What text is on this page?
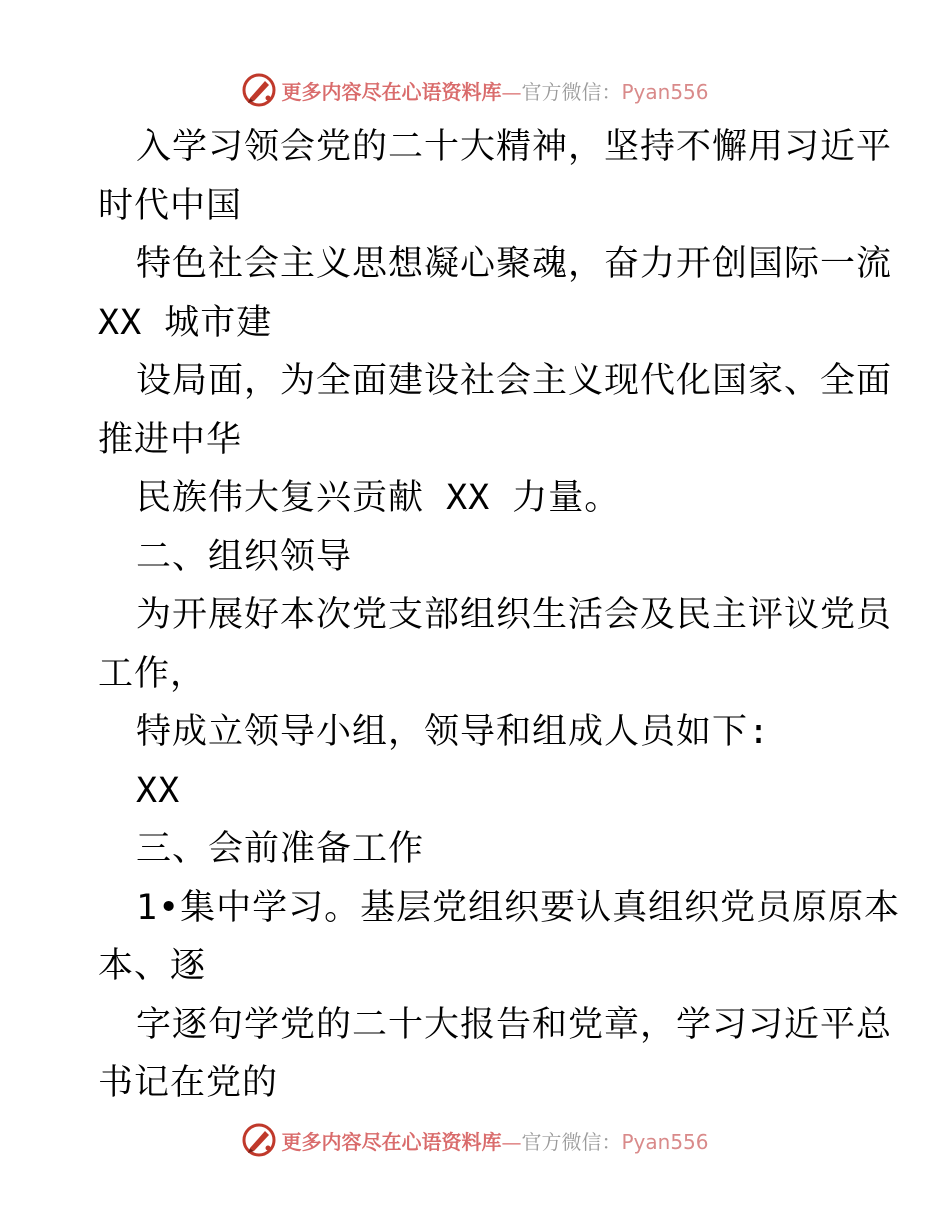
更多内容尽在心语资料库—官方微信：Pyan556
入学习领会党的二十大精神，坚持不懈用习近平
时代中国
特色社会主义思想凝心聚魂，奋力开创国际一流
XX 城市建
设局面，为全面建设社会主义现代化国家、全面
推进中华
民族伟大复兴贡献 XX 力量。
二、组织领导
为开展好本次党支部组织生活会及民主评议党员
工作，
特成立领导小组，领导和组成人员如下:
XX
三、会前准备工作
1•集中学习。基层党组织要认真组织党员原原本
本、逐
字逐句学党的二十大报告和党章，学习习近平总
书记在党的
更多内容尽在心语资料库—官方微信：Pyan556
